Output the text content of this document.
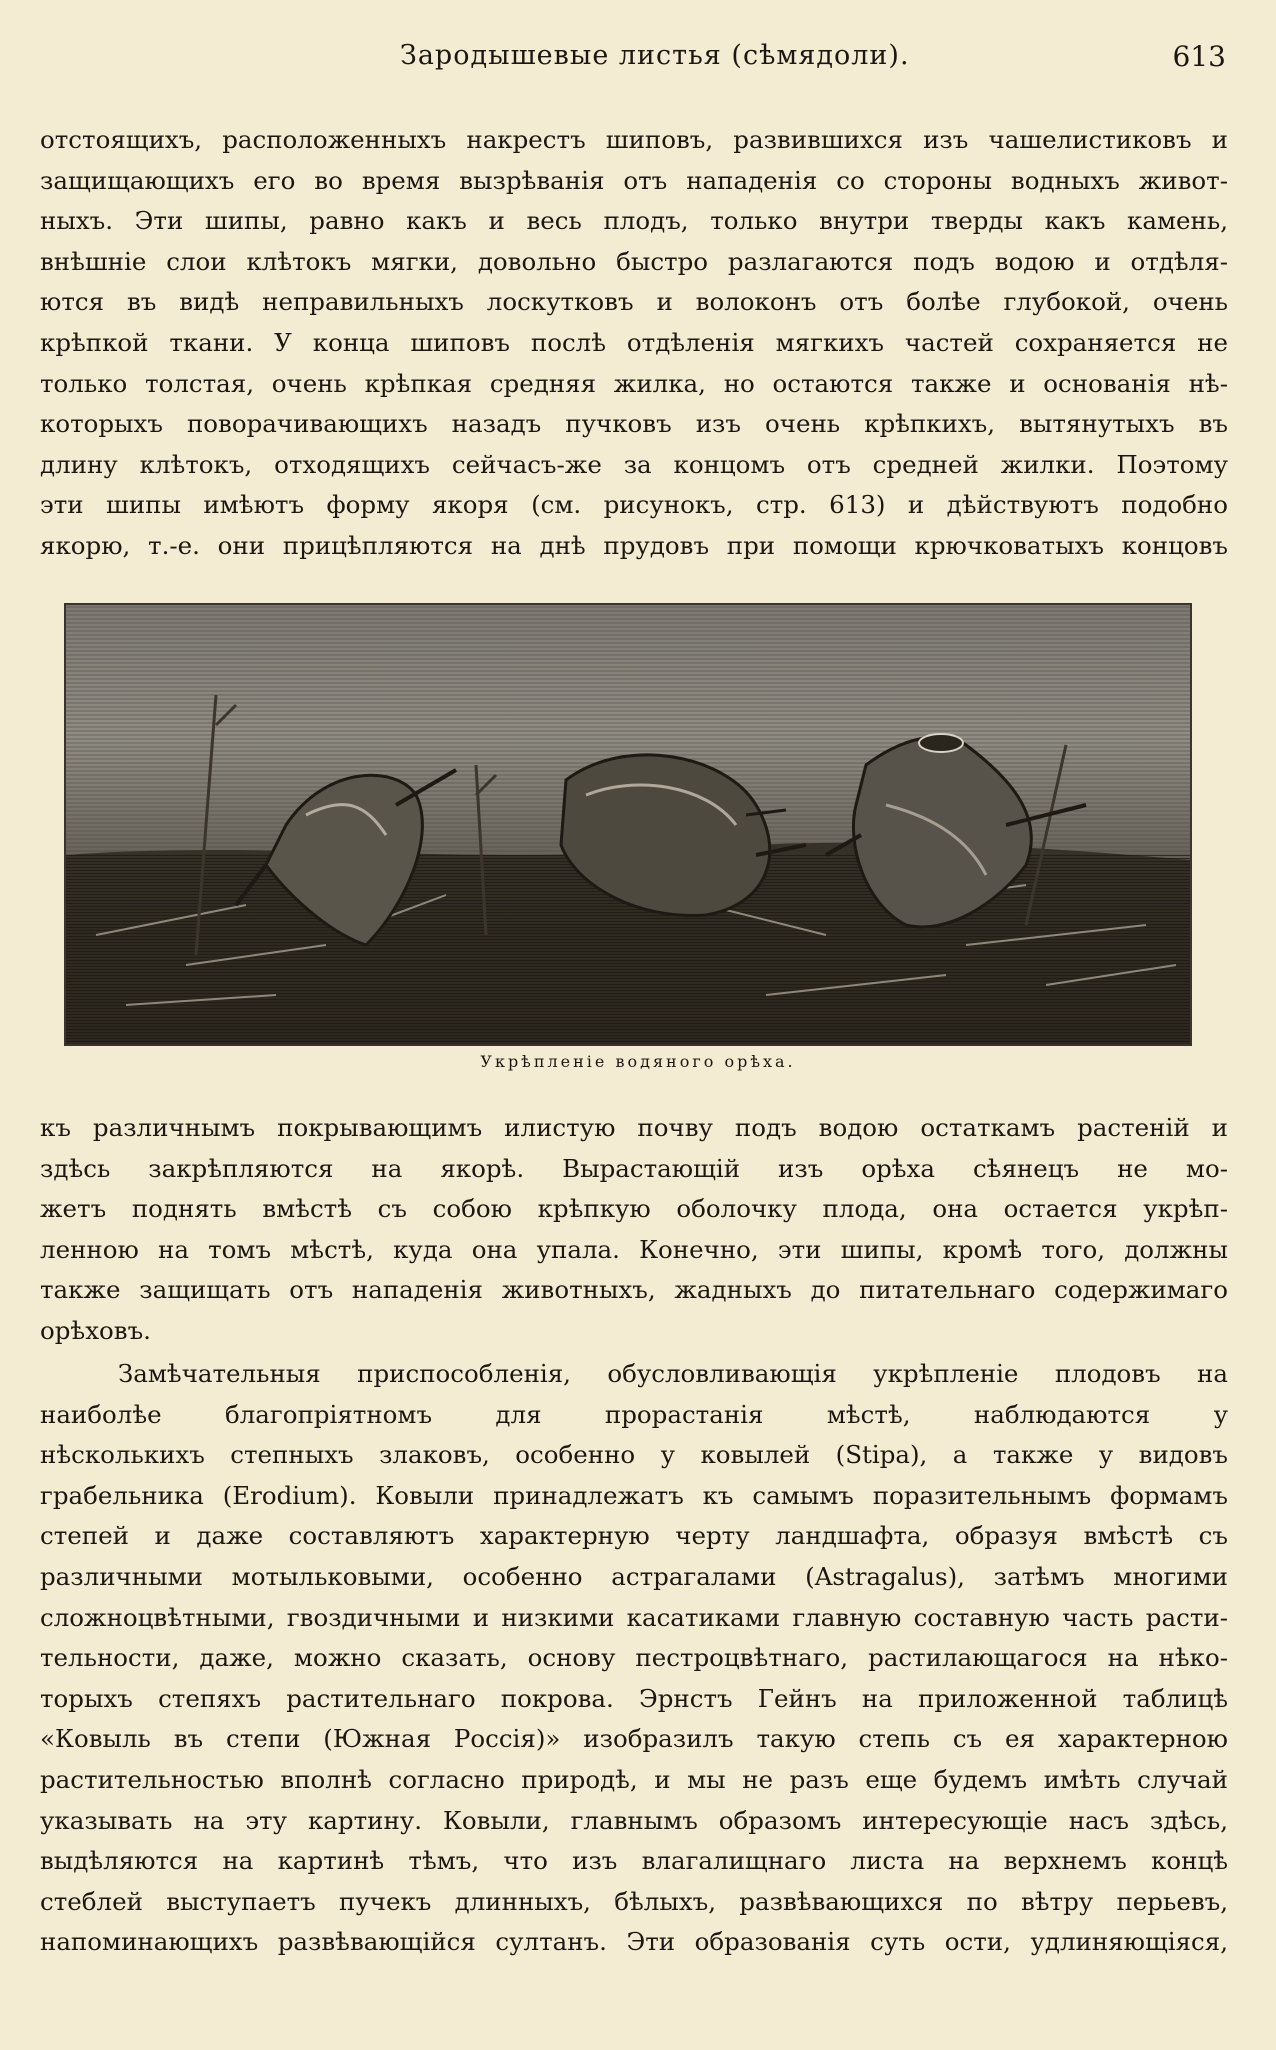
Зародышевые листья (сѣмядоли).	613
отстоящихъ, расположенныхъ накрестъ шиповъ, развившихся изъ чашелистиковъ и
защищающихъ его во время вызрѣванія отъ нападенія со стороны водныхъ живот-
ныхъ. Эти шипы, равно какъ и весь плодъ, только внутри тверды какъ камень,
внѣшніе слои клѣтокъ мягки, довольно быстро разлагаются подъ водою и отдѣля-
ются въ видѣ неправильныхъ лоскутковъ и волоконъ отъ болѣе глубокой, очень
крѣпкой ткани. У конца шиповъ послѣ отдѣленія мягкихъ частей сохраняется не
только толстая, очень крѣпкая средняя жилка, но остаются также и основанія нѣ-
которыхъ поворачивающихъ назадъ пучковъ изъ очень крѣпкихъ, вытянутыхъ въ
длину клѣтокъ, отходящихъ сейчасъ-же за концомъ отъ средней жилки. Поэтому
эти шипы имѣютъ форму якоря (см. рисунокъ, стр. 613) и дѣйствуютъ подобно
якорю, т.-е. они прицѣпляются на днѣ прудовъ при помощи крючковатыхъ концовъ
Укрѣпленіе водяного орѣха.
къ различнымъ покрывающимъ илистую почву подъ водою остаткамъ растеній и
здѣсь закрѣпляются на якорѣ. Вырастающій изъ орѣха сѣянецъ не мо-
жетъ поднять вмѣстѣ съ собою крѣпкую оболочку плода, она остается укрѣп-
ленною на томъ мѣстѣ, куда она упала. Конечно, эти шипы, кромѣ того, должны
также защищать отъ нападенія животныхъ, жадныхъ до питательнаго содержимаго
орѣховъ.
Замѣчательныя приспособленія, обусловливающія укрѣпленіе плодовъ на
наиболѣе благопріятномъ для прорастанія мѣстѣ, наблюдаются у
нѣсколькихъ степныхъ злаковъ, особенно у ковылей (Stipa), а также у видовъ
грабельника (Erodium). Ковыли принадлежатъ къ самымъ поразительнымъ формамъ
степей и даже составляютъ характерную черту ландшафта, образуя вмѣстѣ съ
различными мотыльковыми, особенно астрагалами (Astragalus), затѣмъ многими
сложноцвѣтными, гвоздичными и низкими касатиками главную составную часть расти-
тельности, даже, можно сказать, основу пестроцвѣтнаго, растилающагося на нѣко-
торыхъ степяхъ растительнаго покрова. Эрнстъ Гейнъ на приложенной таблицѣ
«Ковыль въ степи (Южная Россія)» изобразилъ такую степь съ ея характерною
растительностью вполнѣ согласно природѣ, и мы не разъ еще будемъ имѣть случай
указывать на эту картину. Ковыли, главнымъ образомъ интересующіе насъ здѣсь,
выдѣляются на картинѣ тѣмъ, что изъ влагалищнаго листа на верхнемъ концѣ
стеблей выступаетъ пучекъ длинныхъ, бѣлыхъ, развѣвающихся по вѣтру перьевъ,
напоминающихъ развѣвающійся султанъ. Эти образованія суть ости, удлиняющіяся,
